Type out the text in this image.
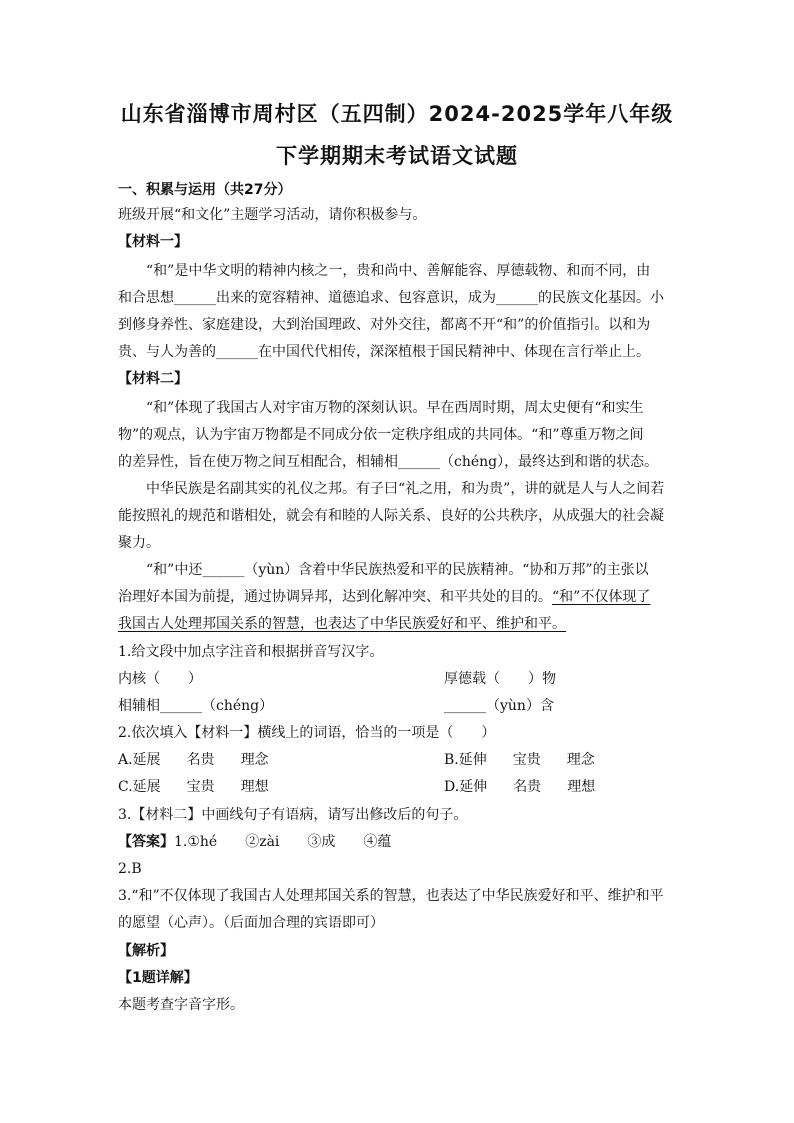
山东省淄博市周村区（五四制）2024-2025学年八年级
下学期期末考试语文试题
一、积累与运用（共27分）
班级开展“和文化”主题学习活动，请你积极参与。
【材料一】
“和”是中华文明的精神内核之一，贵和尚中、善解能容、厚德载物、和而不同，由
和合思想______出来的宽容精神、道德追求、包容意识，成为______的民族文化基因。小
到修身养性、家庭建设，大到治国理政、对外交往，都离不开“和”的价值指引。以和为
贵、与人为善的______在中国代代相传，深深植根于国民精神中、体现在言行举止上。
【材料二】
“和”体现了我国古人对宇宙万物的深刻认识。早在西周时期，周太史便有“和实生
物”的观点，认为宇宙万物都是不同成分依一定秩序组成的共同体。“和”尊重万物之间
的差异性，旨在使万物之间互相配合，相辅相______（chéng），最终达到和谐的状态。
中华民族是名副其实的礼仪之邦。有子曰“礼之用，和为贵”，讲的就是人与人之间若
能按照礼的规范和谐相处，就会有和睦的人际关系、良好的公共秩序，从成强大的社会凝
聚力。
“和”中还______（yùn）含着中华民族热爱和平的民族精神。“协和万邦”的主张以
治理好本国为前提，通过协调异邦，达到化解冲突、和平共处的目的。“和”不仅体现了
我国古人处理邦国关系的智慧，也表达了中华民族爱好和平、维护和平。
1.给文段中加点字注音和根据拼音写汉字。
内核（　　）	厚德载（　　）物
相辅相______（chéng）	______（yùn）含
2.依次填入【材料一】横线上的词语，恰当的一项是（　　）
A.延展 名贵 理念	B.延伸 宝贵 理念
C.延展 宝贵 理想	D.延伸 名贵 理想
3.【材料二】中画线句子有语病，请写出修改后的句子。
【答案】1.①hé　　②zài　　③成　　④蕴
2.B
3.“和”不仅体现了我国古人处理邦国关系的智慧，也表达了中华民族爱好和平、维护和平
的愿望（心声）。（后面加合理的宾语即可）
【解析】
【1题详解】
本题考查字音字形。
